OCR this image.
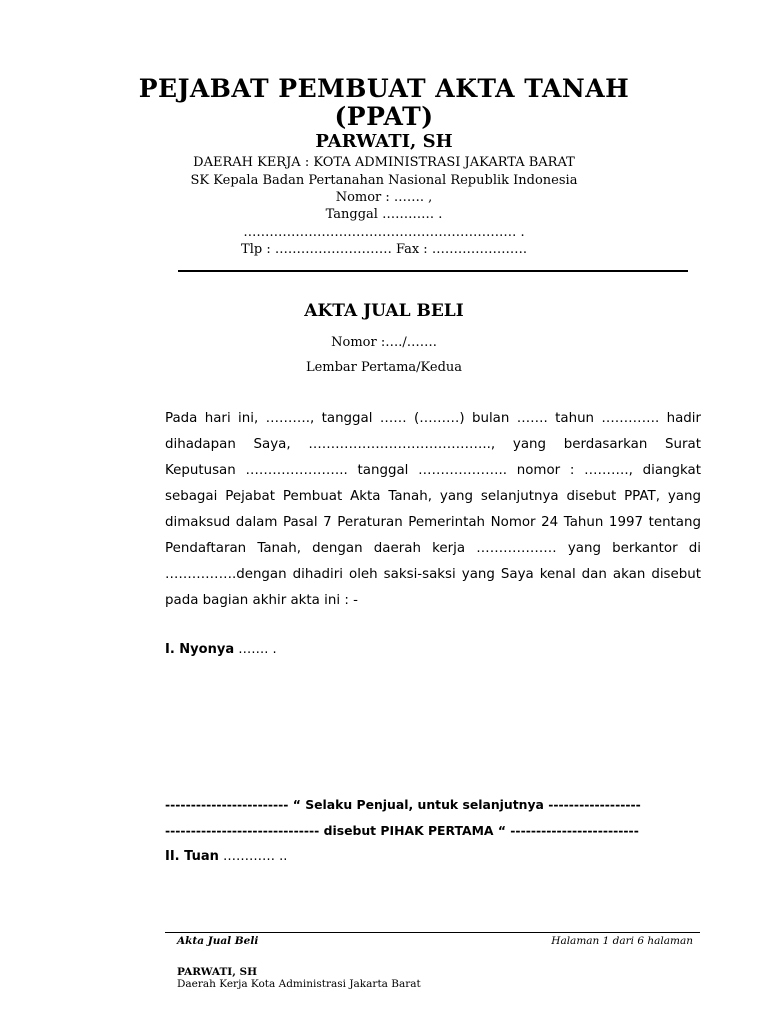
PEJABAT PEMBUAT AKTA TANAH
(PPAT)
PARWATI, SH
DAERAH KERJA : KOTA ADMINISTRASI JAKARTA BARAT
SK Kepala Badan Pertanahan Nasional Republik Indonesia
Nomor : ……. ,
Tanggal ………… .
……………………………………………………… .
Tlp : ……………………… Fax : ………………….
AKTA JUAL BELI
Nomor :…./…….
Lembar Pertama/Kedua

Pada hari ini, ………., tanggal …… (………) bulan ……. tahun …………. hadir dihadapan Saya, ………………………………….., yang berdasarkan Surat Keputusan ………………….. tanggal ……………….. nomor : ………., diangkat sebagai Pejabat Pembuat Akta Tanah, yang selanjutnya disebut PPAT, yang dimaksud dalam Pasal 7 Peraturan Pemerintah Nomor 24 Tahun 1997 tentang Pendaftaran Tanah, dengan daerah kerja ……………… yang berkantor di …………….dengan dihadiri oleh saksi-saksi yang Saya kenal dan akan disebut pada bagian akhir akta ini : -

I. Nyonya ……. .
------------------------ “ Selaku Penjual, untuk selanjutnya ------------------
------------------------------ disebut PIHAK PERTAMA “ -------------------------
II. Tuan ………… ..
Akta Jual Beli	Halaman 1 dari 6 halaman
PARWATI, SH
Daerah Kerja Kota Administrasi Jakarta Barat
